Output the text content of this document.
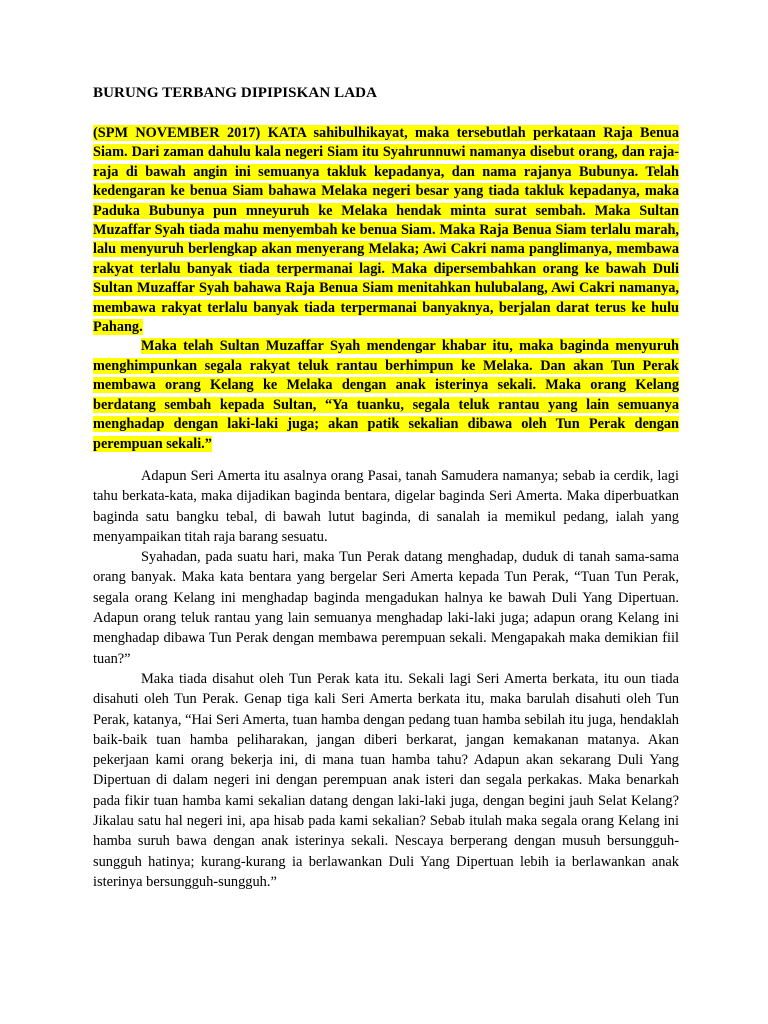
BURUNG TERBANG DIPIPISKAN LADA

(SPM NOVEMBER 2017) KATA sahibulhikayat, maka tersebutlah perkataan Raja Benua Siam. Dari zaman dahulu kala negeri Siam itu Syahrunnuwi namanya disebut orang, dan raja-raja di bawah angin ini semuanya takluk kepadanya, dan nama rajanya Bubunya. Telah kedengaran ke benua Siam bahawa Melaka negeri besar yang tiada takluk kepadanya, maka Paduka Bubunya pun mneyuruh ke Melaka hendak minta surat sembah. Maka Sultan Muzaffar Syah tiada mahu menyembah ke benua Siam. Maka Raja Benua Siam terlalu marah, lalu menyuruh berlengkap akan menyerang Melaka; Awi Cakri nama panglimanya, membawa rakyat terlalu banyak tiada terpermanai lagi. Maka dipersembahkan orang ke bawah Duli Sultan Muzaffar Syah bahawa Raja Benua Siam menitahkan hulubalang, Awi Cakri namanya, membawa rakyat terlalu banyak tiada terpermanai banyaknya, berjalan darat terus ke hulu Pahang.

Maka telah Sultan Muzaffar Syah mendengar khabar itu, maka baginda menyuruh menghimpunkan segala rakyat teluk rantau berhimpun ke Melaka. Dan akan Tun Perak membawa orang Kelang ke Melaka dengan anak isterinya sekali. Maka orang Kelang berdatang sembah kepada Sultan, “Ya tuanku, segala teluk rantau yang lain semuanya menghadap dengan laki-laki juga; akan patik sekalian dibawa oleh Tun Perak dengan perempuan sekali.”

Adapun Seri Amerta itu asalnya orang Pasai, tanah Samudera namanya; sebab ia cerdik, lagi tahu berkata-kata, maka dijadikan baginda bentara, digelar baginda Seri Amerta. Maka diperbuatkan baginda satu bangku tebal, di bawah lutut baginda, di sanalah ia memikul pedang, ialah yang menyampaikan titah raja barang sesuatu.

Syahadan, pada suatu hari, maka Tun Perak datang menghadap, duduk di tanah sama-sama orang banyak. Maka kata bentara yang bergelar Seri Amerta kepada Tun Perak, “Tuan Tun Perak, segala orang Kelang ini menghadap baginda mengadukan halnya ke bawah Duli Yang Dipertuan. Adapun orang teluk rantau yang lain semuanya menghadap laki-laki juga; adapun orang Kelang ini menghadap dibawa Tun Perak dengan membawa perempuan sekali. Mengapakah maka demikian fiil tuan?”

Maka tiada disahut oleh Tun Perak kata itu. Sekali lagi Seri Amerta berkata, itu oun tiada disahuti oleh Tun Perak. Genap tiga kali Seri Amerta berkata itu, maka barulah disahuti oleh Tun Perak, katanya, “Hai Seri Amerta, tuan hamba dengan pedang tuan hamba sebilah itu juga, hendaklah baik-baik tuan hamba peliharakan, jangan diberi berkarat, jangan kemakanan matanya. Akan pekerjaan kami orang bekerja ini, di mana tuan hamba tahu? Adapun akan sekarang Duli Yang Dipertuan di dalam negeri ini dengan perempuan anak isteri dan segala perkakas. Maka benarkah pada fikir tuan hamba kami sekalian datang dengan laki-laki juga, dengan begini jauh Selat Kelang? Jikalau satu hal negeri ini, apa hisab pada kami sekalian? Sebab itulah maka segala orang Kelang ini hamba suruh bawa dengan anak isterinya sekali. Nescaya berperang dengan musuh bersungguh-sungguh hatinya; kurang-kurang ia berlawankan Duli Yang Dipertuan lebih ia berlawankan anak isterinya bersungguh-sungguh.”
